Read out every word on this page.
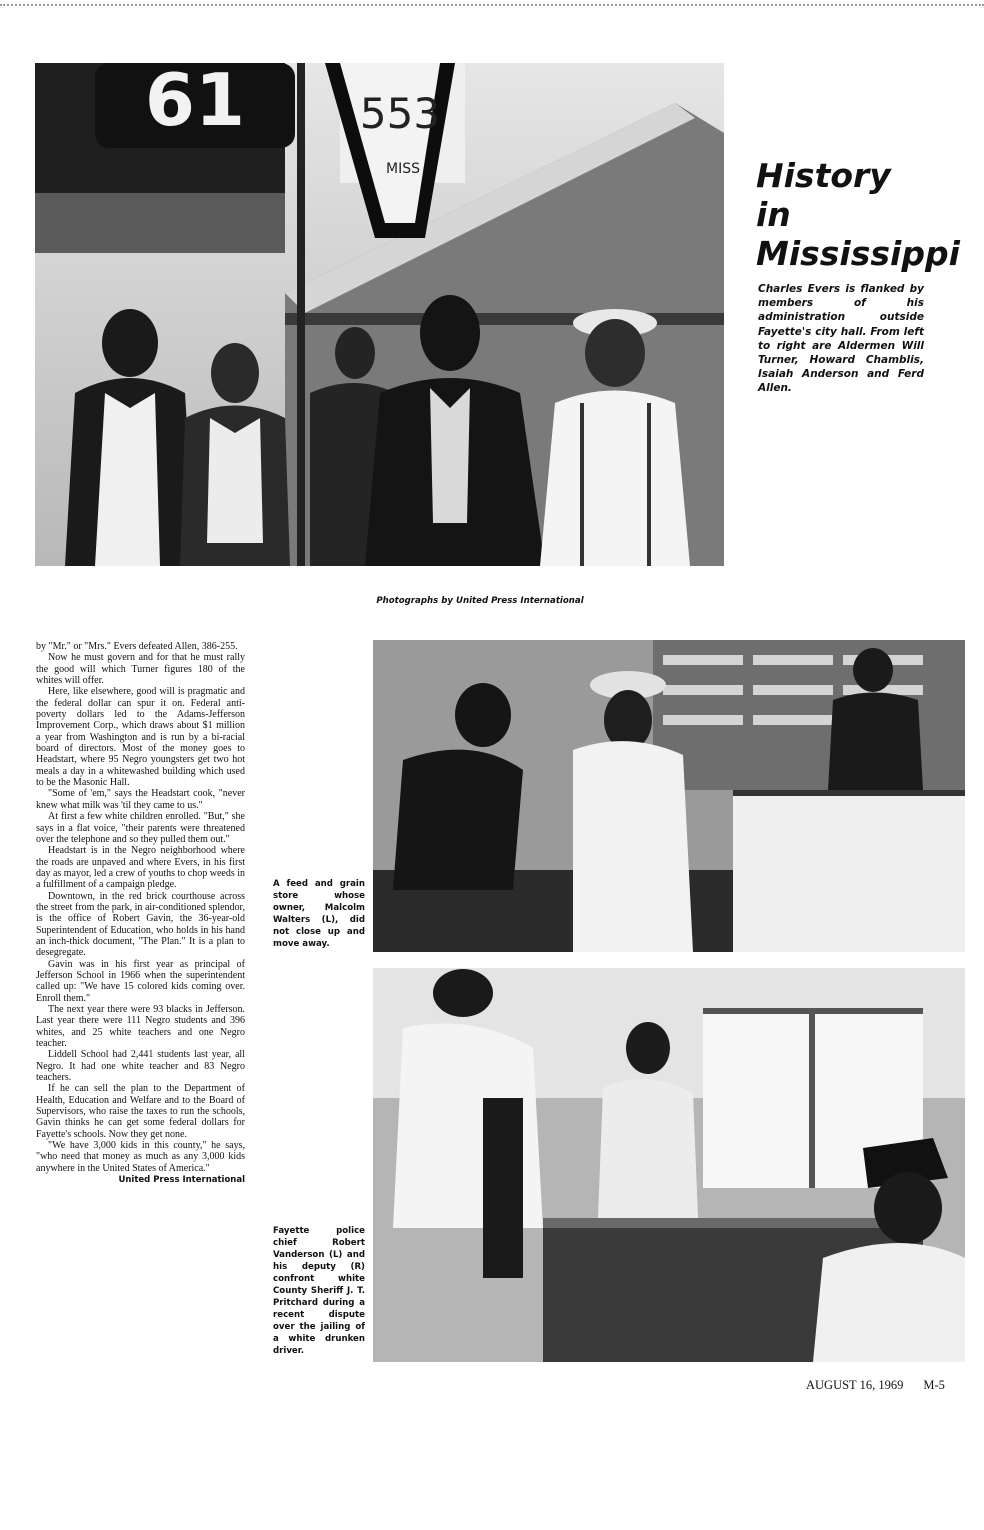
553
MISS
61
History
in
Mississippi
Charles Evers is flanked by members of his administration outside Fayette's city hall. From left to right are Aldermen Will Turner, Howard Chamblis, Isaiah Anderson and Ferd Allen.
Photographs by United Press International

by "Mr." or "Mrs." Evers defeated Allen, 386-255.

Now he must govern and for that he must rally the good will which Turner figures 180 of the whites will offer.

Here, like elsewhere, good will is pragmatic and the federal dollar can spur it on. Federal anti-poverty dollars led to the Adams-Jefferson Improvement Corp., which draws about $1 million a year from Washington and is run by a bi-racial board of directors. Most of the money goes to Headstart, where 95 Negro youngsters get two hot meals a day in a whitewashed building which used to be the Masonic Hall.

"Some of 'em," says the Headstart cook, "never knew what milk was 'til they came to us."

At first a few white children enrolled. "But," she says in a flat voice, "their parents were threatened over the telephone and so they pulled them out."

Headstart is in the Negro neighborhood where the roads are unpaved and where Evers, in his first day as mayor, led a crew of youths to chop weeds in a fulfillment of a campaign pledge.

Downtown, in the red brick courthouse across the street from the park, in air-conditioned splendor, is the office of Robert Gavin, the 36-year-old Superintendent of Education, who holds in his hand an inch-thick document, "The Plan." It is a plan to desegregate.

Gavin was in his first year as principal of Jefferson School in 1966 when the superintendent called up: "We have 15 colored kids coming over. Enroll them."

The next year there were 93 blacks in Jefferson. Last year there were 111 Negro students and 396 whites, and 25 white teachers and one Negro teacher.

Liddell School had 2,441 students last year, all Negro. It had one white teacher and 83 Negro teachers.

If he can sell the plan to the Department of Health, Education and Welfare and to the Board of Supervisors, who raise the taxes to run the schools, Gavin thinks he can get some federal dollars for Fayette's schools. Now they get none.

"We have 3,000 kids in this county," he says, "who need that money as much as any 3,000 kids anywhere in the United States of America."

United Press International
A feed and grain store whose owner, Malcolm Walters (L), did not close up and move away.
Fayette police chief Robert Vanderson (L) and his deputy (R) confront white County Sheriff J. T. Pritchard during a recent dispute over the jailing of a white drunken driver.
AUGUST 16, 1969 M-5
